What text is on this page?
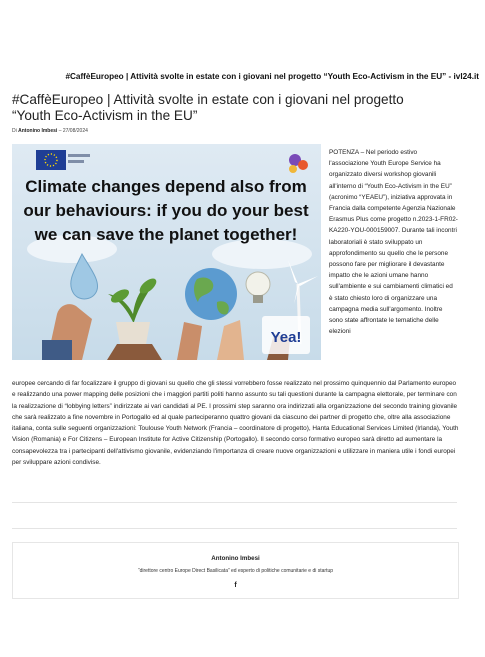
#CaffèEuropeo | Attività svolte in estate con i giovani nel progetto “Youth Eco-Activism in the EU” - ivl24.it
#CaffèEuropeo | Attività svolte in estate con i giovani nel progetto “Youth Eco-Activism in the EU”
Di Antonino Imbesi – 27/08/2024
Climate changes depend also from
our behaviours: if you do your best
we can save the planet together!
Yea!
POTENZA – Nel periodo estivo l'associazione Youth Europe Service ha organizzato diversi workshop giovanili all'interno di “Youth Eco-Activism in the EU” (acronimo “YEAEU”), iniziativa approvata in Francia dalla competente Agenzia Nazionale Erasmus Plus come progetto n.2023-1-FR02-KA220-YOU-000159007. Durante tali incontri laboratoriali è stato sviluppato un approfondimento su quello che le persone possono fare per migliorare il devastante impatto che le azioni umane hanno sull'ambiente e sui cambiamenti climatici ed è stato chiesto loro di organizzare una campagna media sull'argomento. Inoltre sono state affrontate le tematiche delle elezioni
europee cercando di far focalizzare il gruppo di giovani su quello che gli stessi vorrebbero fosse realizzato nel prossimo quinquennio dal Parlamento europeo e realizzando una power mapping delle posizioni che i maggiori partiti politi hanno assunto su tali questioni durante la campagna elettorale, per terminare con la realizzazione di “lobbying letters” indirizzate ai vari candidati al PE. I prossimi step saranno ora indirizzati alla organizzazione del secondo training giovanile che sarà realizzato a fine novembre in Portogallo ed al quale parteciperanno quattro giovani da ciascuno dei partner di progetto che, oltre alla associazione italiana, conta sulle seguenti organizzazioni: Toulouse Youth Network (Francia – coordinatore di progetto), Hanta Educational Services Limited (Irlanda), Youth Vision (Romania) e For Citizens – European Institute for Active Citizenship (Portogallo). Il secondo corso formativo europeo sarà diretto ad aumentare la consapevolezza tra i partecipanti dell'attivismo giovanile, evidenziando l'importanza di creare nuove organizzazioni e utilizzare in maniera utile i fondi europei per sviluppare azioni condivise.
Antonino Imbesi
“direttore centro Europe Direct Basilicata” ed esperto di politiche comunitarie e di startup
f
